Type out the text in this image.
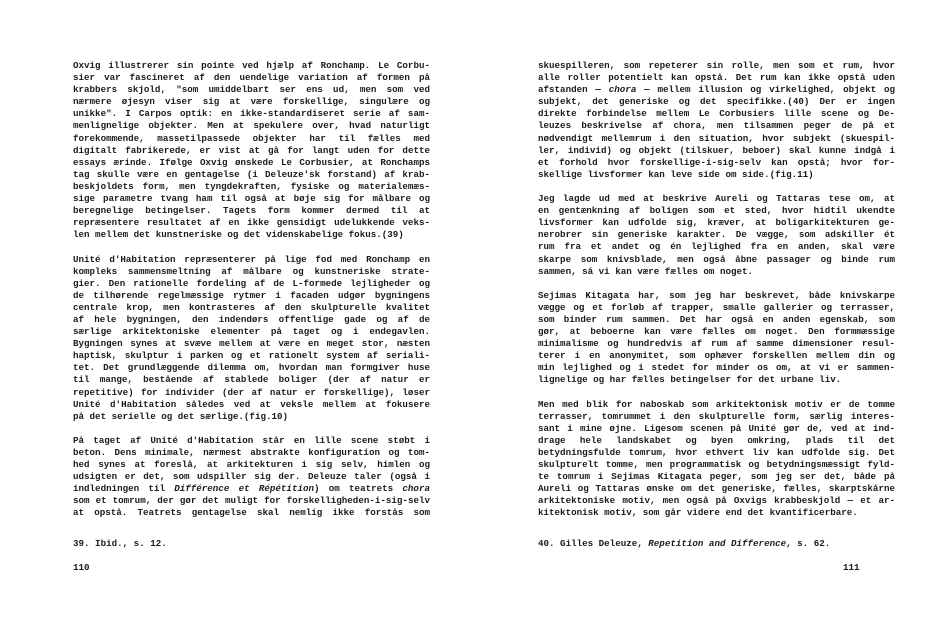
Oxvig illustrerer sin pointe ved hjælp af Ronchamp. Le Corbu-
sier var fascineret af den uendelige variation af formen på
krabbers skjold, "som umiddelbart ser ens ud, men som ved
nærmere øjesyn viser sig at være forskellige, singulære og
unikke". I Carpos optik: en ikke-standardiseret serie af sam-
menlignelige objekter. Men at spekulere over, hvad naturligt
forekommende, massetilpassede objekter har til fælles med
digitalt fabrikerede, er vist at gå for langt uden for dette
essays ærinde. Ifølge Oxvig ønskede Le Corbusier, at Ronchamps
tag skulle være en gentagelse (i Deleuze'sk forstand) af krab-
beskjoldets form, men tyngdekraften, fysiske og materialemæs-
sige parametre tvang ham til også at bøje sig for målbare og
beregnelige betingelser. Tagets form kommer dermed til at
repræsentere resultatet af en ikke gensidigt udelukkende veks-
len mellem det kunstneriske og det videnskabelige fokus.(39)
Unité d'Habitation repræsenterer på lige fod med Ronchamp en
kompleks sammensmeltning af målbare og kunstneriske strate-
gier. Den rationelle fordeling af de L-formede lejligheder og
de tilhørende regelmæssige rytmer i facaden udgør bygningens
centrale krop, men kontrasteres af den skulpturelle kvalitet
af hele bygningen, den indendørs offentlige gade og af de
særlige arkitektoniske elementer på taget og i endegavlen.
Bygningen synes at svæve mellem at være en meget stor, næsten
haptisk, skulptur i parken og et rationelt system af seriali-
tet. Det grundlæggende dilemma om, hvordan man formgiver huse
til mange, bestående af stablede boliger (der af natur er
repetitive) for individer (der af natur er forskellige), løser
Unité d'Habitation således ved at veksle mellem at fokusere
på det serielle og det særlige.(fig.10)
På taget af Unité d'Habitation står en lille scene støbt i
beton. Dens minimale, nærmest abstrakte konfiguration og tom-
hed synes at foreslå, at arkitekturen i sig selv, himlen og
udsigten er det, som udspiller sig der. Deleuze taler (også i
indledningen til Différence et Répétition) om teatrets chora
som et tomrum, der gør det muligt for forskelligheden-i-sig-selv
at opstå. Teatrets gentagelse skal nemlig ikke forstås som
39. Ibid., s. 12.
110
skuespilleren, som repeterer sin rolle, men som et rum, hvor
alle roller potentielt kan opstå. Det rum kan ikke opstå uden
afstanden — chora — mellem illusion og virkelighed, objekt og
subjekt, det generiske og det specifikke.(40) Der er ingen
direkte forbindelse mellem Le Corbusiers lille scene og De-
leuzes beskrivelse af chora, men tilsammen peger de på et
nødvendigt mellemrum i den situation, hvor subjekt (skuespil-
ler, individ) og objekt (tilskuer, beboer) skal kunne indgå i
et forhold hvor forskellige-i-sig-selv kan opstå; hvor for-
skellige livsformer kan leve side om side.(fig.11)
Jeg lagde ud med at beskrive Aureli og Tattaras tese om, at
en gentænkning af boligen som et sted, hvor hidtil ukendte
livsformer kan udfolde sig, kræver, at boligarkitekturen ge-
nerobrer sin generiske karakter. De vægge, som adskiller ét
rum fra et andet og én lejlighed fra en anden, skal være
skarpe som knivsblade, men også åbne passager og binde rum
sammen, så vi kan være fælles om noget.
Sejimas Kitagata har, som jeg har beskrevet, både knivskarpe
vægge og et forløb af trapper, smalle gallerier og terrasser,
som binder rum sammen. Det har også en anden egenskab, som
gør, at beboerne kan være fælles om noget. Den formmæssige
minimalisme og hundredvis af rum af samme dimensioner resul-
terer i en anonymitet, som ophæver forskellen mellem din og
min lejlighed og i stedet for minder os om, at vi er sammen-
lignelige og har fælles betingelser for det urbane liv.
Men med blik for naboskab som arkitektonisk motiv er de tomme
terrasser, tomrummet i den skulpturelle form, særlig interes-
sant i mine øjne. Ligesom scenen på Unité gør de, ved at ind-
drage hele landskabet og byen omkring, plads til det
betydningsfulde tomrum, hvor ethvert liv kan udfolde sig. Det
skulpturelt tomme, men programmatisk og betydningsmæssigt fyld-
te tomrum i Sejimas Kitagata peger, som jeg ser det, både på
Aureli og Tattaras ønske om det generiske, fælles, skarptskårne
arkitektoniske motiv, men også på Oxvigs krabbeskjold — et ar-
kitektonisk motiv, som går videre end det kvantificerbare.
40. Gilles Deleuze, Repetition and Difference, s. 62.
111
